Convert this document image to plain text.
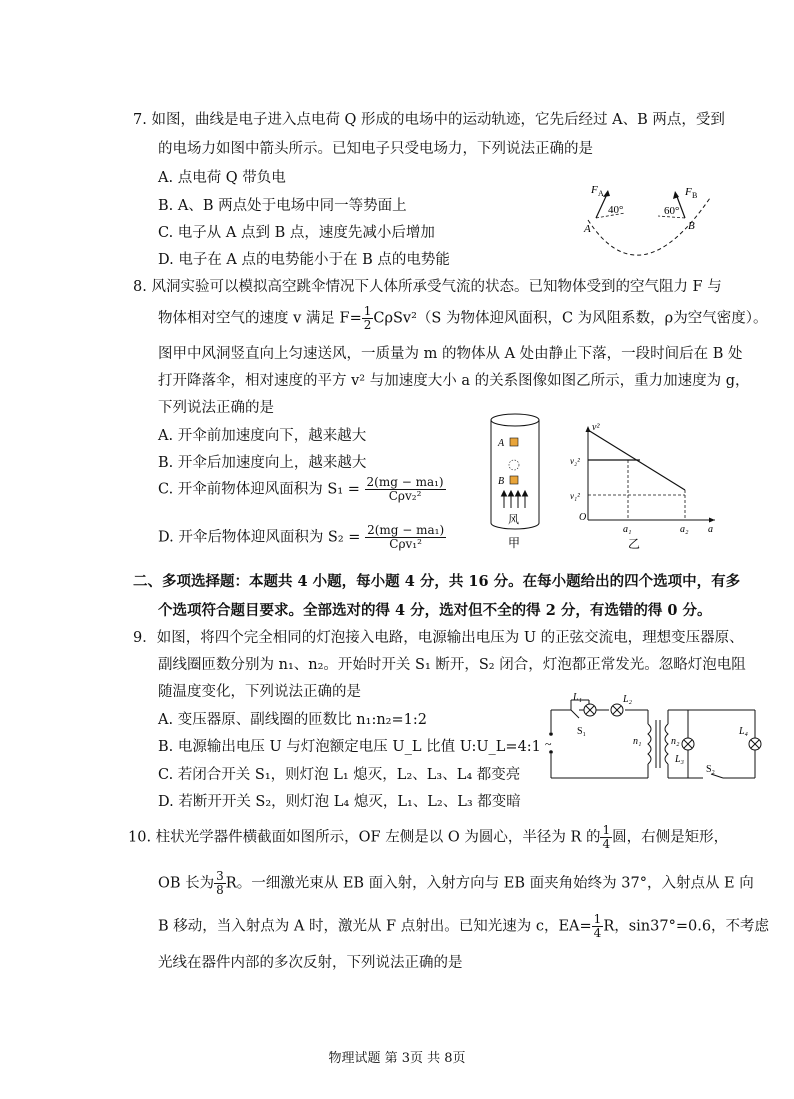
7. 如图，曲线是电子进入点电荷 Q 形成的电场中的运动轨迹，它先后经过 A、B 两点，受到
的电场力如图中箭头所示。已知电子只受电场力，下列说法正确的是
A. 点电荷 Q 带负电
B. A、B 两点处于电场中同一等势面上
C. 电子从 A 点到 B 点，速度先减小后增加
D. 电子在 A 点的电势能小于在 B 点的电势能
F A	F B
40°	60°
A	B
8. 风洞实验可以模拟高空跳伞情况下人体所承受气流的状态。已知物体受到的空气阻力 F 与
物体相对空气的速度 v 满足 $F= \frac{1}{2} C\rho Sv^2(S$ 为物体迎风面积，C 为风阻系数，ρ为空气密度）。
图甲中风洞竖直向上匀速送风，一质量为 m 的物体从 A 处由静止下落，一段时间后在 B 处
打开降落伞，相对速度的平方 v² 与加速度大小 a 的关系图像如图乙所示，重力加速度为 g，
下列说法正确的是
A. 开伞前加速度向下，越来越大
B. 开伞后加速度向上，越来越大
C. 开伞前物体迎风面积为 $S_1 = \frac{\text{2(mg − ma₁)}}{\text{Cρv₂²}}$
D. 开伞后物体迎风面积为 $S_2 = \frac{\text{2(mg − ma₁)}}{\text{Cρv₁²}}$
A
B
风
甲
v²
v₂²
v₁²
O
a₁	a₂ a
乙
二、多项选择题：本题共 4 小题，每小题 4 分，共 16 分。在每小题给出的四个选项中，有多
个选项符合题目要求。全部选对的得 4 分，选对但不全的得 2 分，有选错的得 0 分。
9．如图，将四个完全相同的灯泡接入电路，电源输出电压为 U 的正弦交流电，理想变压器原、
副线圈匝数分别为 n₁、n₂。开始时开关 S₁ 断开，S₂ 闭合，灯泡都正常发光。忽略灯泡电阻
随温度变化，下列说法正确的是
A. 变压器原、副线圈的匝数比 n₁:n₂=1:2
B. 电源输出电压 U 与灯泡额定电压 U_L 比值 U:U_L=4:1
C. 若闭合开关 S₁，则灯泡 L₁ 熄灭，L₂、L₃、L₄ 都变亮
D. 若断开开关 S₂，则灯泡 L₄ 熄灭，L₁、L₂、L₃ 都变暗
~
L₁	L₂
S₁
n₁	n₂
L₃
L₄
S₂
10. 柱状光学器件横截面如图所示，OF 左侧是以 O 为圆心，半径为 R 的 $\frac{1}{4}$ 圆，右侧是矩形，
OB 长为 $\frac{3}{8}$ R。一细激光束从 EB 面入射，入射方向与 EB 面夹角始终为 37°，入射点从 E 向
B 移动，当入射点为 A 时，激光从 F 点射出。已知光速为 c，$EA= \frac{1}{4}$ R，sin37°=0.6，不考虑
光线在器件内部的多次反射，下列说法正确的是
物理试题 第 3页 共 8页
